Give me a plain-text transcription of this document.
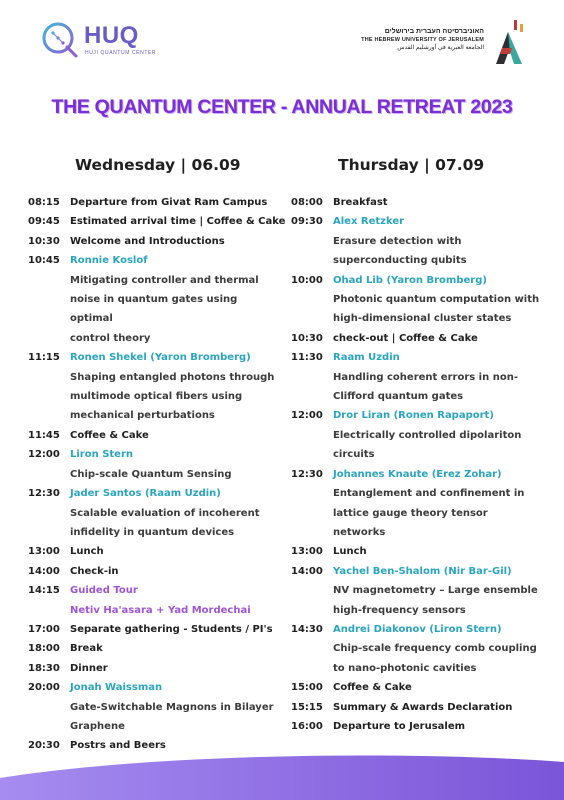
HUQ
HUJI QUANTUM CENTER
האוניברסיטה העברית בירושלים
THE HEBREW UNIVERSITY OF JERUSALEM
الجامعة العبرية في أورشليم القدس
THE QUANTUM CENTER - ANNUAL RETREAT 2023
Wednesday | 06.09	Thursday | 07.09
08:15	Departure from Givat Ram Campus
09:45	Estimated arrival time | Coffee & Cake
10:30	Welcome and Introductions
10:45	Ronnie Koslof
Mitigating controller and thermal
noise in quantum gates using optimal
control theory
11:15	Ronen Shekel (Yaron Bromberg)
Shaping entangled photons through
multimode optical fibers using
mechanical perturbations
11:45	Coffee & Cake
12:00	Liron Stern
Chip-scale Quantum Sensing
12:30	Jader Santos (Raam Uzdin)
Scalable evaluation of incoherent
infidelity in quantum devices
13:00	Lunch
14:00	Check-in
14:15	Guided Tour
Netiv Ha'asara + Yad Mordechai
17:00	Separate gathering - Students / PI's
18:00	Break
18:30	Dinner
20:00	Jonah Waissman
Gate-Switchable Magnons in Bilayer
Graphene
20:30	Postrs and Beers
08:00	Breakfast
09:30	Alex Retzker
Erasure detection with
superconducting qubits
10:00	Ohad Lib (Yaron Bromberg)
Photonic quantum computation with
high-dimensional cluster states
10:30	check-out | Coffee & Cake
11:30	Raam Uzdin
Handling coherent errors in non-
Clifford quantum gates
12:00	Dror Liran (Ronen Rapaport)
Electrically controlled dipolariton
circuits
12:30	Johannes Knaute (Erez Zohar)
Entanglement and confinement in
lattice gauge theory tensor networks
13:00	Lunch
14:00	Yachel Ben-Shalom (Nir Bar-Gil)
NV magnetometry – Large ensemble
high-frequency sensors
14:30	Andrei Diakonov (Liron Stern)
Chip-scale frequency comb coupling
to nano-photonic cavities
15:00	Coffee & Cake
15:15	Summary & Awards Declaration
16:00	Departure to Jerusalem
